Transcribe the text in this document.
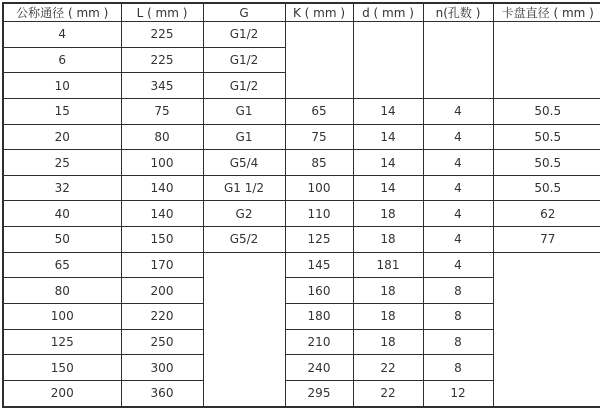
公称通径 ( mm )	L ( mm )	G	K ( mm )	d ( mm )	n(孔数 )	卡盘直径 ( mm )
4	225	G1/2				
6	225	G1/2				
10	345	G1/2				
15	75	G1	65	14	4	50.5
20	80	G1	75	14	4	50.5
25	100	G5/4	85	14	4	50.5
32	140	G1 1/2	100	14	4	50.5
40	140	G2	110	18	4	62
50	150	G5/2	125	18	4	77
65	170		145	181	4	
80	200		160	18	8	
100	220		180	18	8	
125	250		210	18	8	
150	300		240	22	8	
200	360		295	22	12	
